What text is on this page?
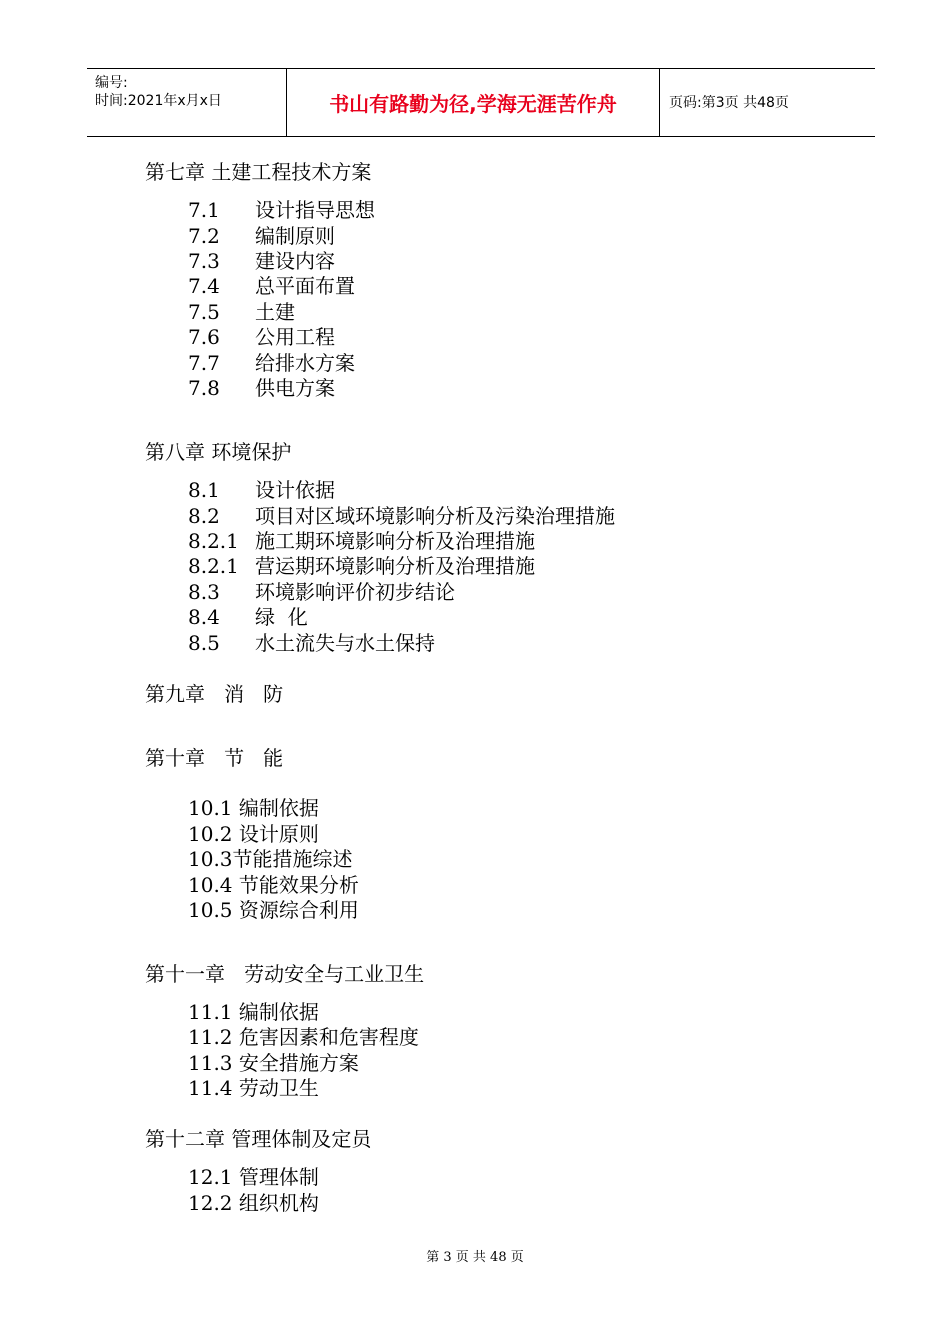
编号:
时间:2021年x月x日	书山有路勤为径,学海无涯苦作舟	页码:第3页 共48页
第七章 土建工程技术方案
7.1 设计指导思想
7.2 编制原则
7.3 建设内容
7.4 总平面布置
7.5 土建
7.6 公用工程
7.7 给排水方案
7.8 供电方案
第八章 环境保护
8.1 设计依据
8.2 项目对区域环境影响分析及污染治理措施
8.2.1 施工期环境影响分析及治理措施
8.2.1 营运期环境影响分析及治理措施
8.3 环境影响评价初步结论
8.4 绿  化
8.5 水土流失与水土保持
第九章   消   防
第十章   节   能
10.1 编制依据
10.2 设计原则
10.3节能措施综述
10.4 节能效果分析
10.5 资源综合利用
第十一章   劳动安全与工业卫生
11.1 编制依据
11.2 危害因素和危害程度
11.3 安全措施方案
11.4 劳动卫生
第十二章 管理体制及定员
12.1 管理体制
12.2 组织机构
第 3 页 共 48 页
